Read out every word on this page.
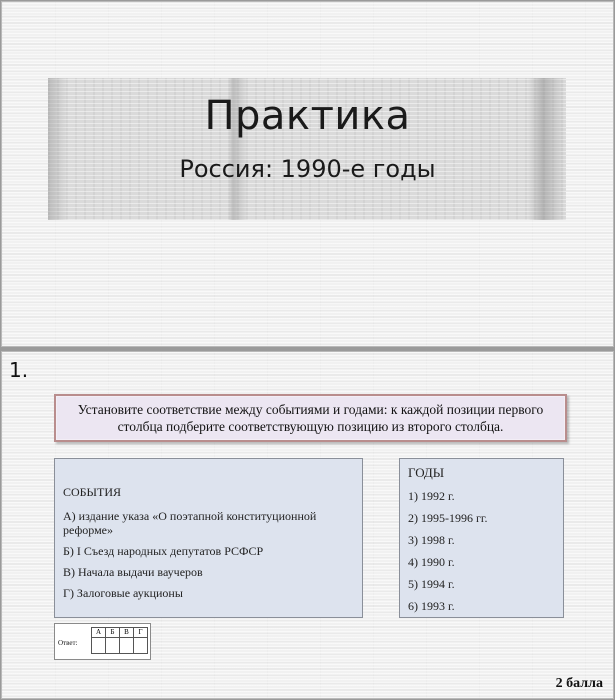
Практика
Россия: 1990-е годы
1.
Установите соответствие между событиями и годами: к каждой позиции первого столбца подберите соответствующую позицию из второго столбца.
СОБЫТИЯ
А) издание указа «О поэтапной конституционной реформе»
Б) I Съезд народных депутатов РСФСР
В) Начала выдачи ваучеров
Г) Залоговые аукционы
ГОДЫ
1) 1992 г.
2) 1995-1996 гг.
3) 1998 г.
4) 1990 г.
5) 1994 г.
6) 1993 г.
Ответ:
А	Б	В	Г

2 балла
